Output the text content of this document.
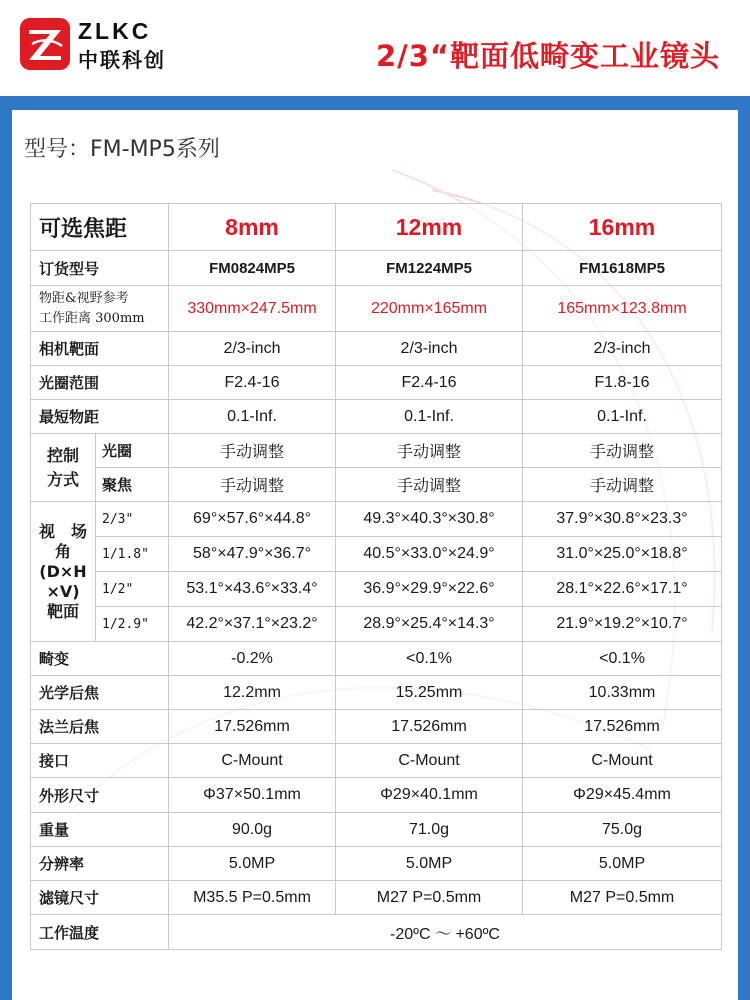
ZLKC
中联科创	2/3“靶面低畸变工业镜头
型号：FM-MP5系列
可选焦距		8mm	12mm	16mm
订货型号		FM0824MP5	FM1224MP5	FM1618MP5

物距&视野参考
工作距离 300mm		330mm×247.5mm	220mm×165mm	165mm×123.8mm
相机靶面		2/3-inch	2/3-inch	2/3-inch
光圈范围		F2.4-16	F2.4-16	F1.8-16
最短物距		0.1-Inf.	0.1-Inf.	0.1-Inf.

控制
方式	光圈	手动调整	手动调整	手动调整
	聚焦	手动调整	手动调整	手动调整

视　场
角
(D×H
×V)
靶面	2/3"	69°×57.6°×44.8°	49.3°×40.3°×30.8°	37.9°×30.8°×23.3°
	1/1.8"	58°×47.9°×36.7°	40.5°×33.0°×24.9°	31.0°×25.0°×18.8°
	1/2"	53.1°×43.6°×33.4°	36.9°×29.9°×22.6°	28.1°×22.6°×17.1°
	1/2.9"	42.2°×37.1°×23.2°	28.9°×25.4°×14.3°	21.9°×19.2°×10.7°
畸变		-0.2%	<0.1%	<0.1%
光学后焦		12.2mm	15.25mm	10.33mm
法兰后焦		17.526mm	17.526mm	17.526mm
接口		C-Mount	C-Mount	C-Mount
外形尺寸		Φ37×50.1mm	Φ29×40.1mm	Φ29×45.4mm
重量		90.0g	71.0g	75.0g
分辨率		5.0MP	5.0MP	5.0MP
滤镜尺寸		M35.5 P=0.5mm	M27 P=0.5mm	M27 P=0.5mm
工作温度		-20ºC ～ +60ºC		
